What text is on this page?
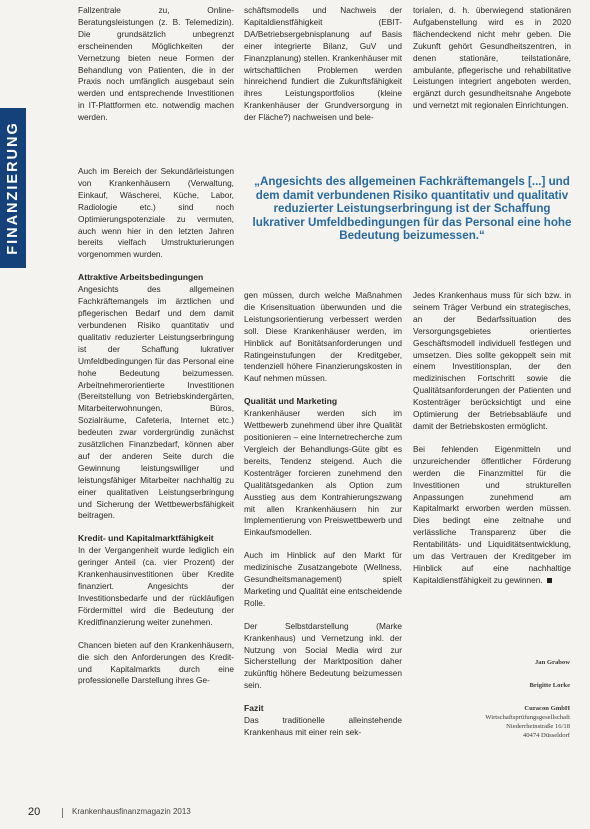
FINANZIERUNG

Fallzentrale zu, Online-Beratungsleistungen (z. B. Telemedizin). Die grundsätzlich unbegrenzt erscheinenden Möglichkeiten der Vernetzung bieten neue Formen der Behandlung von Patienten, die in der Praxis noch umfänglich ausgebaut sein werden und entsprechende Investitionen in IT-Plattformen etc. notwendig machen werden.

schäftsmodells und Nachweis der Kapitaldienstfähigkeit (EBIT-DA/Betriebsergebnisplanung auf Basis einer integrierte Bilanz, GuV und Finanzplanung) stellen. Krankenhäuser mit wirtschaftlichen Problemen werden hinreichend fundiert die Zukunftsfähigkeit ihres Leistungsportfolios (kleine Krankenhäuser der Grundversorgung in der Fläche?) nachweisen und bele-

torialen, d. h. überwiegend stationären Aufgabenstellung wird es in 2020 flächendeckend nicht mehr geben. Die Zukunft gehört Gesundheitszentren, in denen stationäre, teilstationäre, ambulante, pflegerische und rehabilitative Leistungen integriert angeboten werden, ergänzt durch gesundheitsnahe Angebote und vernetzt mit regionalen Einrichtungen.

„Angesichts des allgemeinen Fachkräftemangels [...] und dem damit verbundenen Risiko quantitativ und qualitativ reduzierter Leistungserbringung ist der Schaffung lukrativer Umfeldbedingungen für das Personal eine hohe Bedeutung beizumessen.“

Auch im Bereich der Sekundärleistungen von Krankenhäusern (Verwaltung, Einkauf, Wäscherei, Küche, Labor, Radiologie etc.) sind noch Optimierungspotenziale zu vermuten, auch wenn hier in den letzten Jahren bereits vielfach Umstrukturierungen vorgenommen wurden.

Attraktive Arbeitsbedingungen

Angesichts des allgemeinen Fachkräftemangels im ärztlichen und pflegerischen Bedarf und dem damit verbundenen Risiko quantitativ und qualitativ reduzierter Leistungserbringung ist der Schaffung lukrativer Umfeldbedingungen für das Personal eine hohe Bedeutung beizumessen. Arbeitnehmerorientierte Investitionen (Bereitstellung von Betriebskindergärten, Mitarbeiterwohnungen, Büros, Sozialräume, Cafeteria, Internet etc.) bedeuten zwar vordergründig zunächst zusätzlichen Finanzbedarf, können aber auf der anderen Seite durch die Gewinnung leistungswilliger und leistungsfähiger Mitarbeiter nachhaltig zu einer qualitativen Leistungserbringung und Sicherung der Wettbewerbsfähigkeit beitragen.

Kredit- und Kapitalmarktfähigkeit

In der Vergangenheit wurde lediglich ein geringer Anteil (ca. vier Prozent) der Krankenhausinvestitionen über Kredite finanziert. Angesichts der Investitionsbedarfe und der rückläufigen Fördermittel wird die Bedeutung der Kreditfinanzierung weiter zunehmen.

Chancen bieten auf den Krankenhäusern, die sich den Anforderungen des Kredit- und Kapitalmarkts durch eine professionelle Darstellung ihres Ge-

gen müssen, durch welche Maßnahmen die Krisensituation überwunden und die Leistungsorientierung verbessert werden soll. Diese Krankenhäuser werden, im Hinblick auf Bonitätsanforderungen und Ratingeinstufungen der Kreditgeber, tendenziell höhere Finanzierungskosten in Kauf nehmen müssen.

Qualität und Marketing

Krankenhäuser werden sich im Wettbewerb zunehmend über ihre Qualität positionieren – eine Internetrecherche zum Vergleich der Behandlungs-Güte gibt es bereits, Tendenz steigend. Auch die Kostenträger forcieren zunehmend den Qualitätsgedanken als Option zum Ausstieg aus dem Kontrahierungszwang mit allen Krankenhäusern hin zur Implementierung von Preiswettbewerb und Einkaufsmodellen.

Auch im Hinblick auf den Markt für medizinische Zusatzangebote (Wellness, Gesundheitsmanagement) spielt Marketing und Qualität eine entscheidende Rolle.

Der Selbstdarstellung (Marke Krankenhaus) und Vernetzung inkl. der Nutzung von Social Media wird zur Sicherstellung der Marktposition daher zukünftig höhere Bedeutung beizumessen sein.

Fazit

Das traditionelle alleinstehende Krankenhaus mit einer rein sek-

Jedes Krankenhaus muss für sich bzw. in seinem Träger Verbund ein strategisches, an der Bedarfssituation des Versorgungsgebietes orientiertes Geschäftsmodell individuell festlegen und umsetzen. Dies sollte gekoppelt sein mit einem Investitionsplan, der den medizinischen Fortschritt sowie die Qualitätsanforderungen der Patienten und Kostenträger berücksichtigt und eine Optimierung der Betriebsabläufe und damit der Betriebskosten ermöglicht.

Bei fehlenden Eigenmitteln und unzureichender öffentlicher Förderung werden die Finanzmittel für die Investitionen und strukturellen Anpassungen zunehmend am Kapitalmarkt erworben werden müssen. Dies bedingt eine zeitnahe und verlässliche Transparenz über die Rentabilitäts- und Liquiditätsentwicklung, um das Vertrauen der Kreditgeber im Hinblick auf eine nachhaltige Kapitaldienstfähigkeit zu gewinnen.

Jan Grabow
Brigitte Lorke
Curacon GmbH
Wirtschaftsprüfungsgesellschaft
Niederrheinstraße 16/18
40474 Düsseldorf
20	Krankenhausfinanzmagazin 2013
